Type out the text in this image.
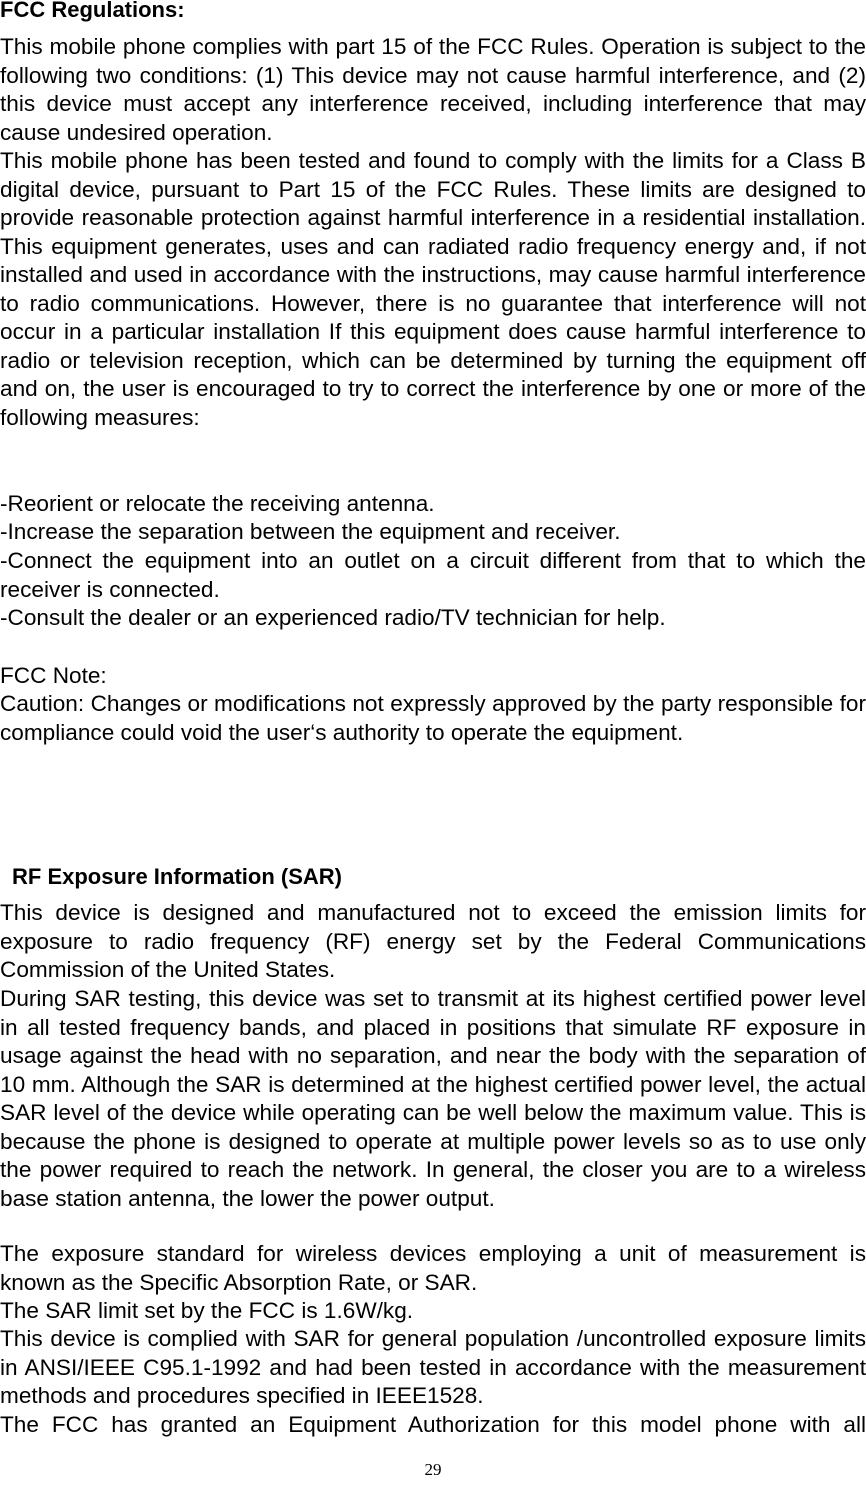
FCC Regulations:

This mobile phone complies with part 15 of the FCC Rules. Operation is subject to the following two conditions: (1) This device may not cause harmful interference, and (2) this device must accept any interference received, including interference that may cause undesired operation.

This mobile phone has been tested and found to comply with the limits for a Class B digital device, pursuant to Part 15 of the FCC Rules. These limits are designed to provide reasonable protection against harmful interference in a residential installation. This equipment generates, uses and can radiated radio frequency energy and, if not installed and used in accordance with the instructions, may cause harmful interference to radio communications. However, there is no guarantee that interference will not occur in a particular installation If this equipment does cause harmful interference to radio or television reception, which can be determined by turning the equipment off and on, the user is encouraged to try to correct the interference by one or more of the following measures:

-Reorient or relocate the receiving antenna.
-Increase the separation between the equipment and receiver.

-Connect the equipment into an outlet on a circuit different from that to which the receiver is connected.

-Consult the dealer or an experienced radio/TV technician for help.
FCC Note:

Caution: Changes or modifications not expressly approved by the party responsible for compliance could void the user‘s authority to operate the equipment.

RF Exposure Information (SAR)

This device is designed and manufactured not to exceed the emission limits for exposure to radio frequency (RF) energy set by the Federal Communications Commission of the United States.

During SAR testing, this device was set to transmit at its highest certified power level in all tested frequency bands, and placed in positions that simulate RF exposure in usage against the head with no separation, and near the body with the separation of 10 mm. Although the SAR is determined at the highest certified power level, the actual SAR level of the device while operating can be well below the maximum value. This is because the phone is designed to operate at multiple power levels so as to use only the power required to reach the network. In general, the closer you are to a wireless base station antenna, the lower the power output.

The exposure standard for wireless devices employing a unit of measurement is known as the Specific Absorption Rate, or SAR.

The SAR limit set by the FCC is 1.6W/kg.

This device is complied with SAR for general population /uncontrolled exposure limits in ANSI/IEEE C95.1-1992 and had been tested in accordance with the measurement methods and procedures specified in IEEE1528.

The FCC has granted an Equipment Authorization for this model phone with all
29
